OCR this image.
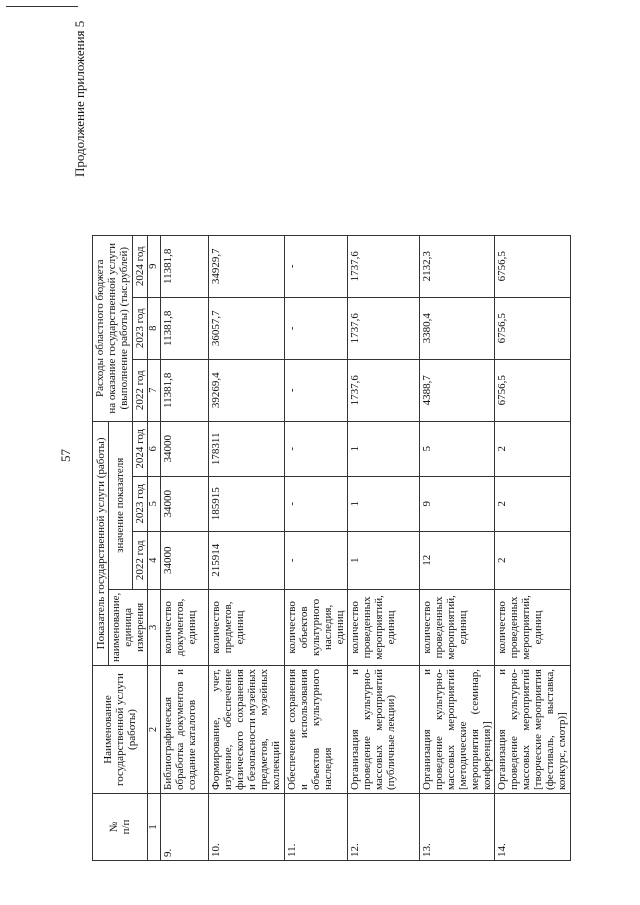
57
Продолжение приложения 5
№
п/п	Наименование
государственной услуги
(работы)	Показатель государственной услуги (работы)				Расходы областного бюджета
на оказание государственной услуги
(выполнение работы) (тыс.рублей)		
		наименование,
единица
измерения	значение показателя					
			2022 год	2023 год	2024 год	2022 год	2023 год	2024 год
1	2	3	4	5	6	7	8	9
9.	Библиографическая обработка документов и создание каталогов	количество документов, единиц	34000	34000	34000	11381,8	11381,8	11381,8
10.	Формирование, учет, изучение, обеспечение физического сохранения и безопасности музейных предметов, музейных коллекций	количество предметов, единиц	215914	185915	178311	39269,4	36057,7	34929,7
11.	Обеспечение сохранения и использования объектов культурного наследия	количество объектов культурного наследия, единиц	-	-	-	-	-	-
12.	Организация и проведение культурно-массовых мероприятий (публичные лекции)	количество проведенных мероприятий, единиц	1	1	1	1737,6	1737,6	1737,6
13.	Организация и проведение культурно-массовых мероприятий [методические мероприятия (семинар, конференция)]	количество проведенных мероприятий, единиц	12	9	5	4388,7	3380,4	2132,3
14.	Организация и проведение культурно-массовых мероприятий [творческие мероприятия (фестиваль, выставка, конкурс, смотр)]	количество проведенных мероприятий, единиц	2	2	2	6756,5	6756,5	6756,5
